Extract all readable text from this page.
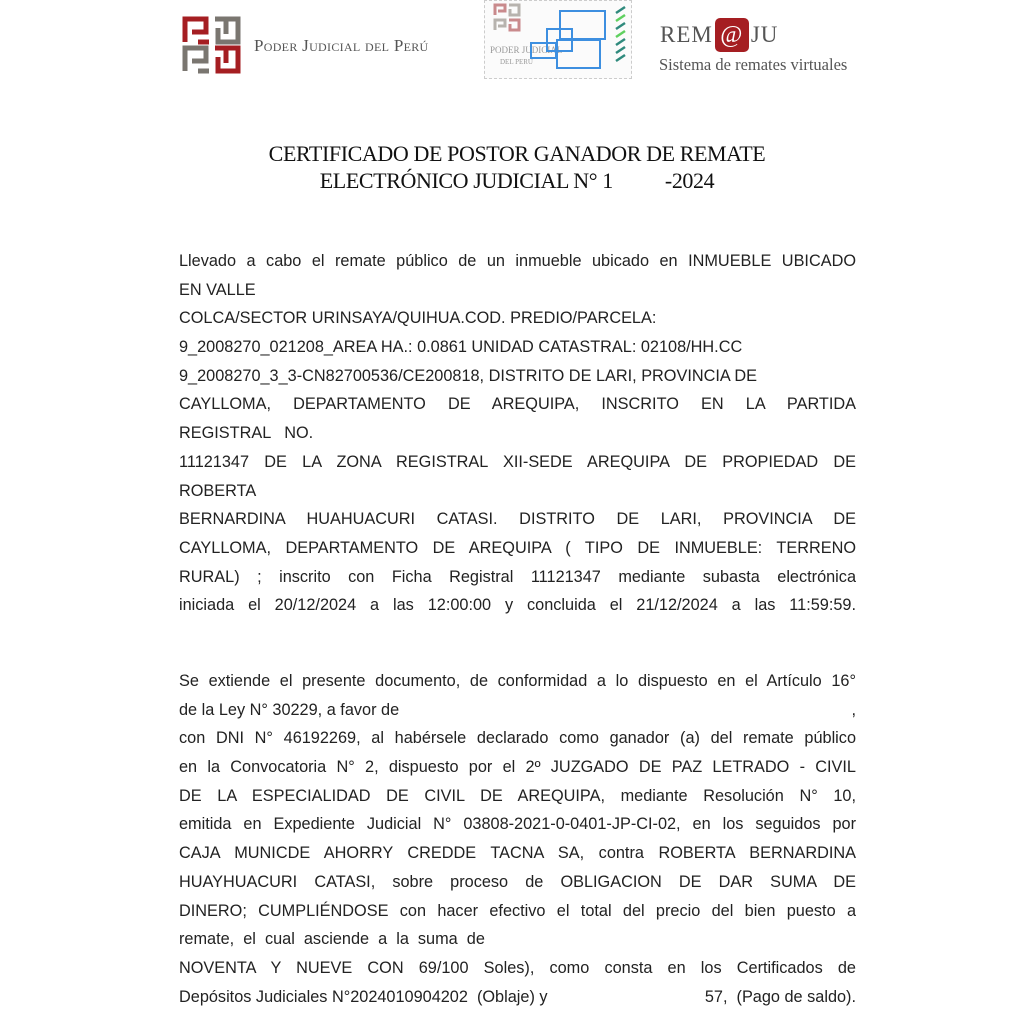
Poder Judicial del Perú	PODER JUDICIAL
DEL PERÚ
REM @ JU
Sistema de remates virtuales
CERTIFICADO DE POSTOR GANADOR DE REMATE
ELECTRÓNICO JUDICIAL N° 1 -2024
Llevado a cabo el remate público de un inmueble ubicado en INMUEBLE UBICADO
EN VALLE
COLCA/SECTOR URINSAYA/QUIHUA.COD. PREDIO/PARCELA:
9_2008270_021208_AREA HA.: 0.0861 UNIDAD CATASTRAL: 02108/HH.CC
9_2008270_3_3-CN82700536/CE200818, DISTRITO DE LARI, PROVINCIA DE
CAYLLOMA, DEPARTAMENTO DE AREQUIPA, INSCRITO EN LA PARTIDA
REGISTRAL   NO.
11121347 DE LA ZONA REGISTRAL XII-SEDE AREQUIPA DE PROPIEDAD DE
ROBERTA
BERNARDINA HUAHUACURI CATASI. DISTRITO DE LARI, PROVINCIA DE
CAYLLOMA, DEPARTAMENTO DE AREQUIPA ( TIPO DE INMUEBLE: TERRENO
RURAL) ; inscrito con Ficha Registral 11121347 mediante subasta electrónica
iniciada el 20/12/2024 a las 12:00:00 y concluida el 21/12/2024 a las 11:59:59.
Se extiende el presente documento, de conformidad a lo dispuesto en el Artículo 16°
de la Ley N° 30229, a favor de	,
con DNI N° 46192269, al habérsele declarado como ganador (a) del remate público
en la Convocatoria N° 2, dispuesto por el 2º JUZGADO DE PAZ LETRADO - CIVIL
DE LA ESPECIALIDAD DE CIVIL DE AREQUIPA, mediante Resolución N° 10,
emitida en Expediente Judicial N° 03808-2021-0-0401-JP-CI-02, en los seguidos por
CAJA MUNICDE AHORRY CREDDE TACNA SA, contra ROBERTA BERNARDINA
HUAYHUACURI CATASI, sobre proceso de OBLIGACION DE DAR SUMA DE
DINERO; CUMPLIÉNDOSE con hacer efectivo el total del precio del bien puesto a
remate,  el  cual  asciende  a  la  suma  de
NOVENTA Y NUEVE CON 69/100 Soles), como consta en los Certificados de
Depósitos Judiciales N°2024010904202  (Oblaje) y	57,  (Pago de saldo).
